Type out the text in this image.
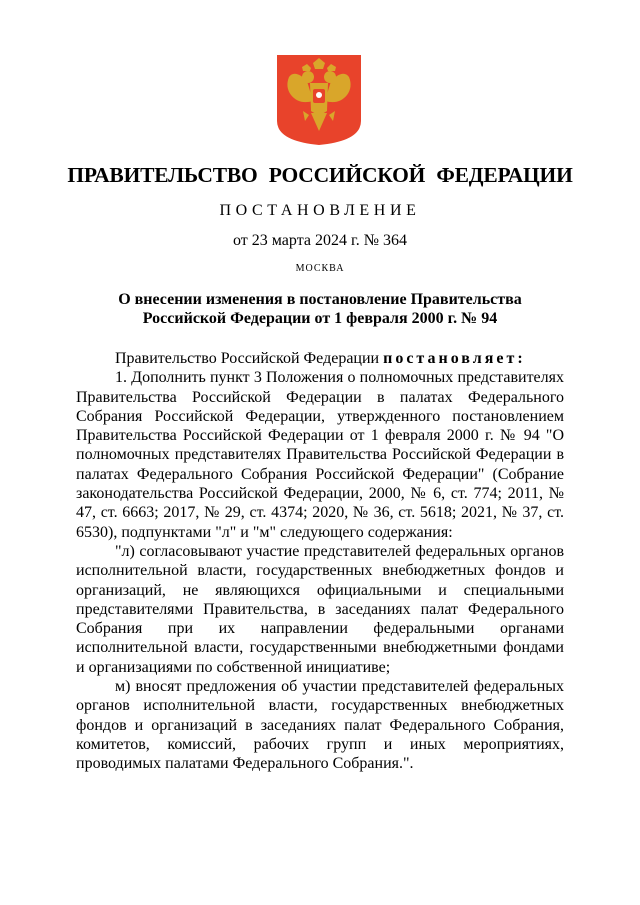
ПРАВИТЕЛЬСТВО РОССИЙСКОЙ ФЕДЕРАЦИИ
ПОСТАНОВЛЕНИЕ
от 23 марта 2024 г. № 364
МОСКВА
О внесении изменения в постановление Правительства
Российской Федерации от 1 февраля 2000 г. № 94

Правительство Российской Федерации постановляет:

1. Дополнить пункт 3 Положения о полномочных представителях Правительства Российской Федерации в палатах Федерального Собрания Российской Федерации, утвержденного постановлением Правительства Российской Федерации от 1 февраля 2000 г. № 94 "О полномочных представителях Правительства Российской Федерации в палатах Федерального Собрания Российской Федерации" (Собрание законодательства Российской Федерации, 2000, № 6, ст. 774; 2011, № 47, ст. 6663; 2017, № 29, ст. 4374; 2020, № 36, ст. 5618; 2021, № 37, ст. 6530), подпунктами "л" и "м" следующего содержания:

"л) согласовывают участие представителей федеральных органов исполнительной власти, государственных внебюджетных фондов и организаций, не являющихся официальными и специальными представителями Правительства, в заседаниях палат Федерального Собрания при их направлении федеральными органами исполнительной власти, государственными внебюджетными фондами и организациями по собственной инициативе;

м) вносят предложения об участии представителей федеральных органов исполнительной власти, государственных внебюджетных фондов и организаций в заседаниях палат Федерального Собрания, комитетов, комиссий, рабочих групп и иных мероприятиях, проводимых палатами Федерального Собрания.".
